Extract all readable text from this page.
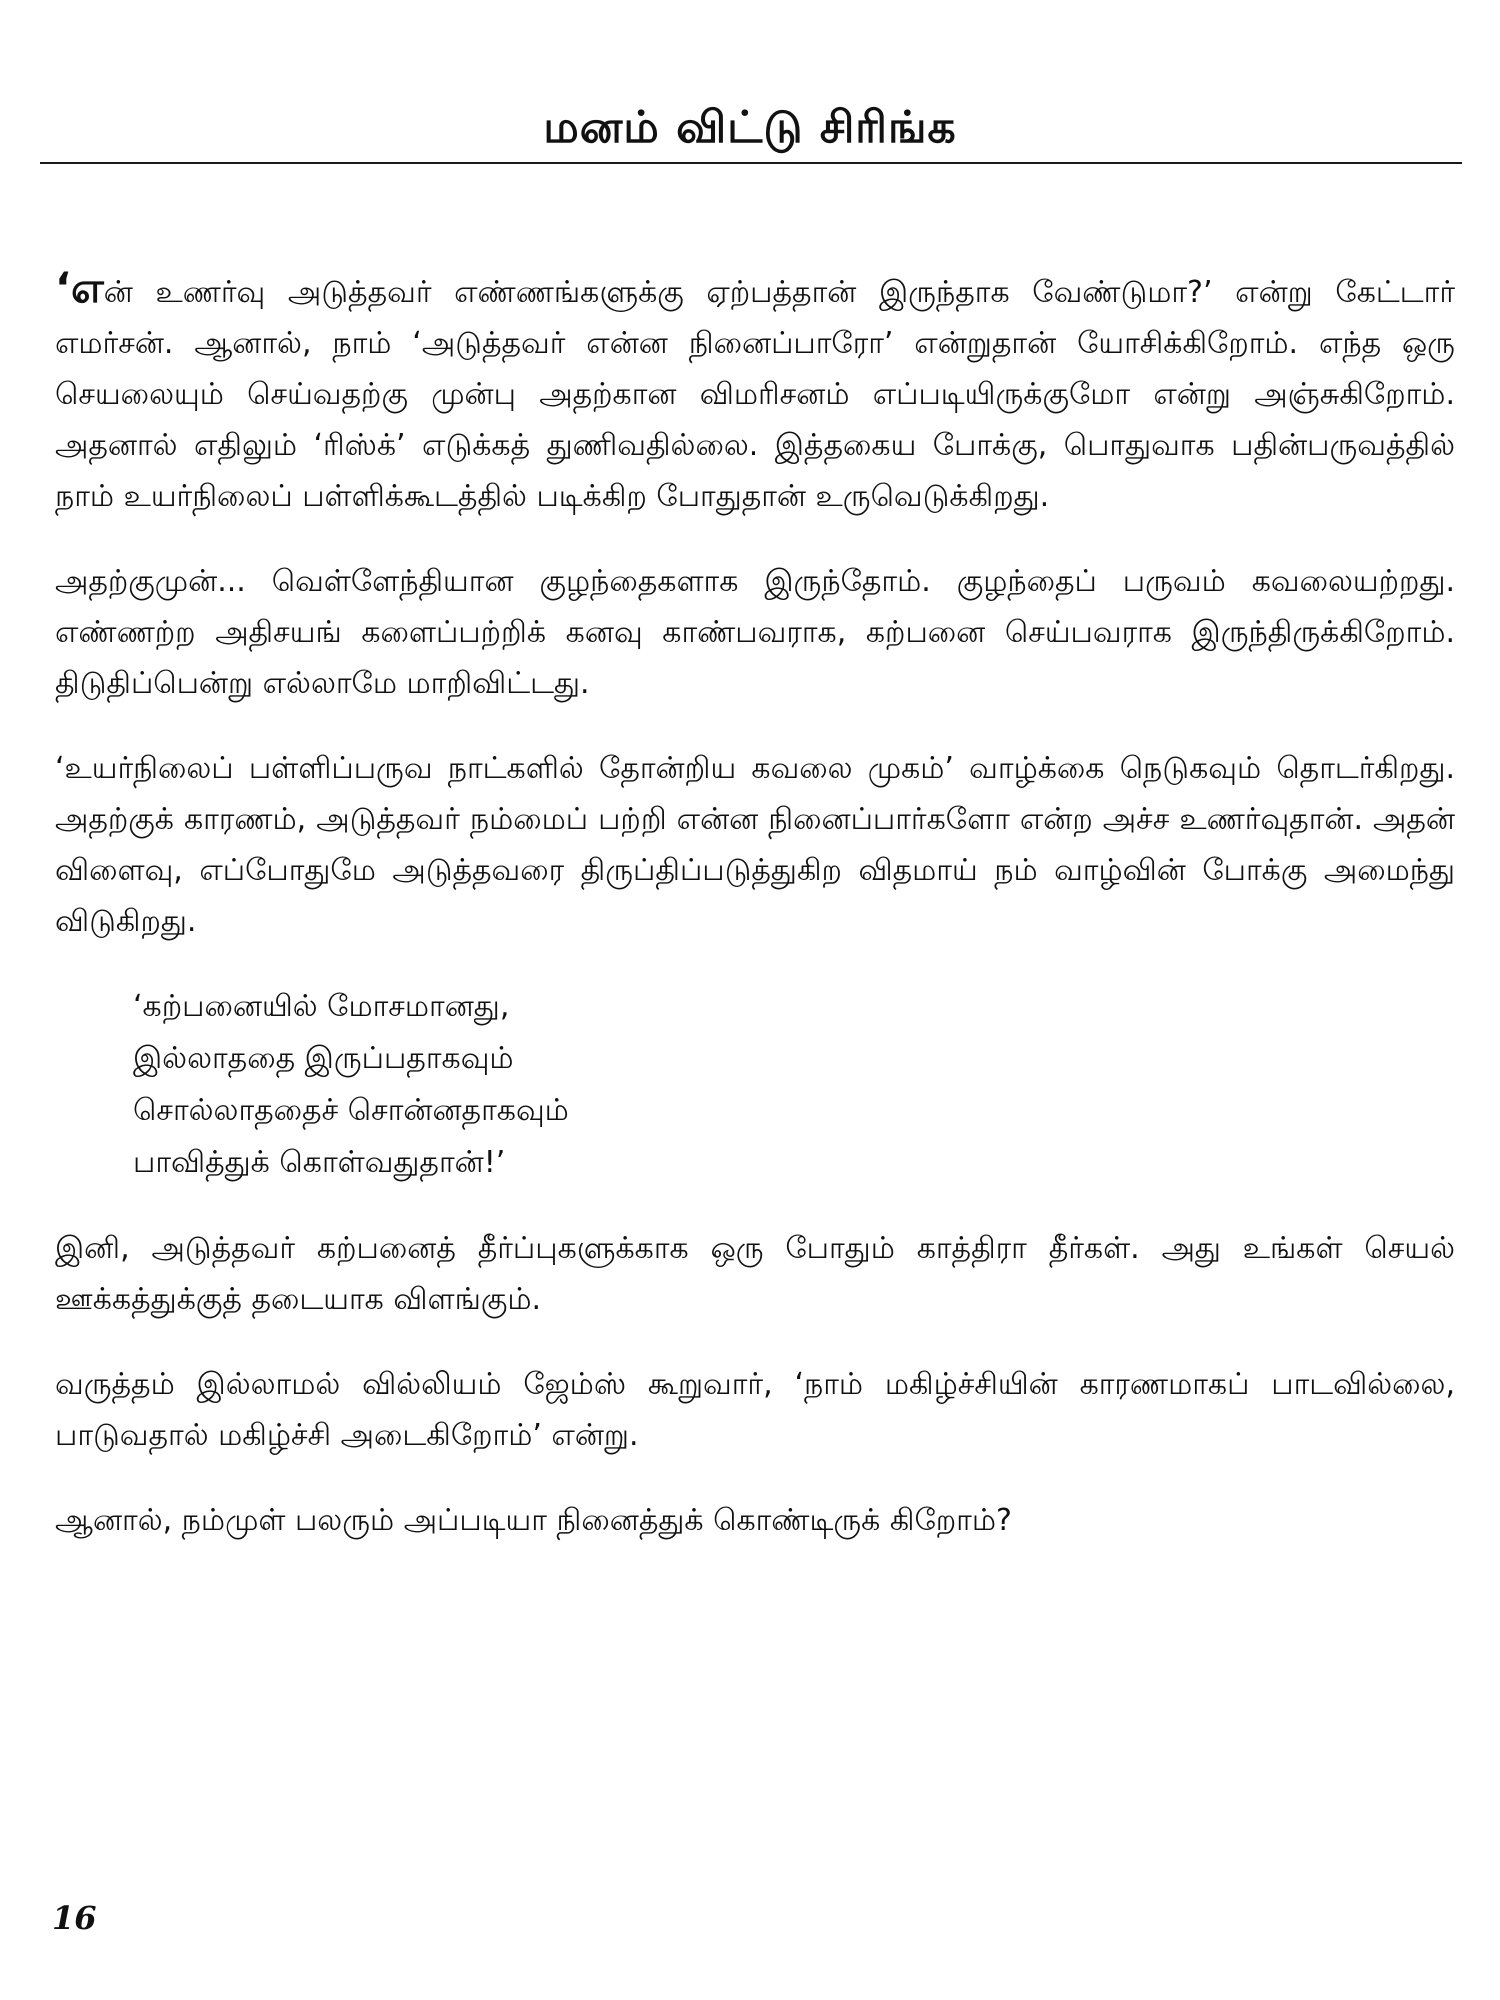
மனம் விட்டு சிரிங்க

‘என் உணர்வு அடுத்தவர் எண்ணங்களுக்கு ஏற்பத்தான் இருந்தாக வேண்டுமா?’ என்று கேட்டார் எமர்சன். ஆனால், நாம் ‘அடுத்தவர் என்ன நினைப்பாரோ’ என்றுதான் யோசிக்கிறோம். எந்த ஒரு செயலையும் செய்வதற்கு முன்பு அதற்கான விமரிசனம் எப்படியிருக்குமோ என்று அஞ்சுகிறோம். அதனால் எதிலும் ‘ரிஸ்க்’ எடுக்கத் துணிவதில்லை. இத்தகைய போக்கு, பொதுவாக பதின்பருவத்தில் நாம் உயர்நிலைப் பள்ளிக்கூடத்தில் படிக்கிற போதுதான் உருவெடுக்கிறது.

அதற்குமுன்... வெள்ளேந்தியான குழந்தைகளாக இருந்தோம். குழந்தைப் பருவம் கவலையற்றது. எண்ணற்ற அதிசயங் களைப்பற்றிக் கனவு காண்பவராக, கற்பனை செய்பவராக இருந்திருக்கிறோம். திடுதிப்பென்று எல்லாமே மாறிவிட்டது.

‘உயர்நிலைப் பள்ளிப்பருவ நாட்களில் தோன்றிய கவலை முகம்’ வாழ்க்கை நெடுகவும் தொடர்கிறது. அதற்குக் காரணம், அடுத்தவர் நம்மைப் பற்றி என்ன நினைப்பார்களோ என்ற அச்ச உணர்வுதான். அதன் விளைவு, எப்போதுமே அடுத்தவரை திருப்திப்படுத்துகிற விதமாய் நம் வாழ்வின் போக்கு அமைந்து விடுகிறது.

‘கற்பனையில் மோசமானது,
இல்லாததை இருப்பதாகவும்
சொல்லாததைச் சொன்னதாகவும்
பாவித்துக் கொள்வதுதான்!’

இனி, அடுத்தவர் கற்பனைத் தீர்ப்புகளுக்காக ஒரு போதும் காத்திரா தீர்கள். அது உங்கள் செயல் ஊக்கத்துக்குத் தடையாக விளங்கும்.

வருத்தம் இல்லாமல் வில்லியம் ஜேம்ஸ் கூறுவார், ‘நாம் மகிழ்ச்சியின் காரணமாகப் பாடவில்லை, பாடுவதால் மகிழ்ச்சி அடைகிறோம்’ என்று.

ஆனால், நம்முள் பலரும் அப்படியா நினைத்துக் கொண்டிருக் கிறோம்?

16
